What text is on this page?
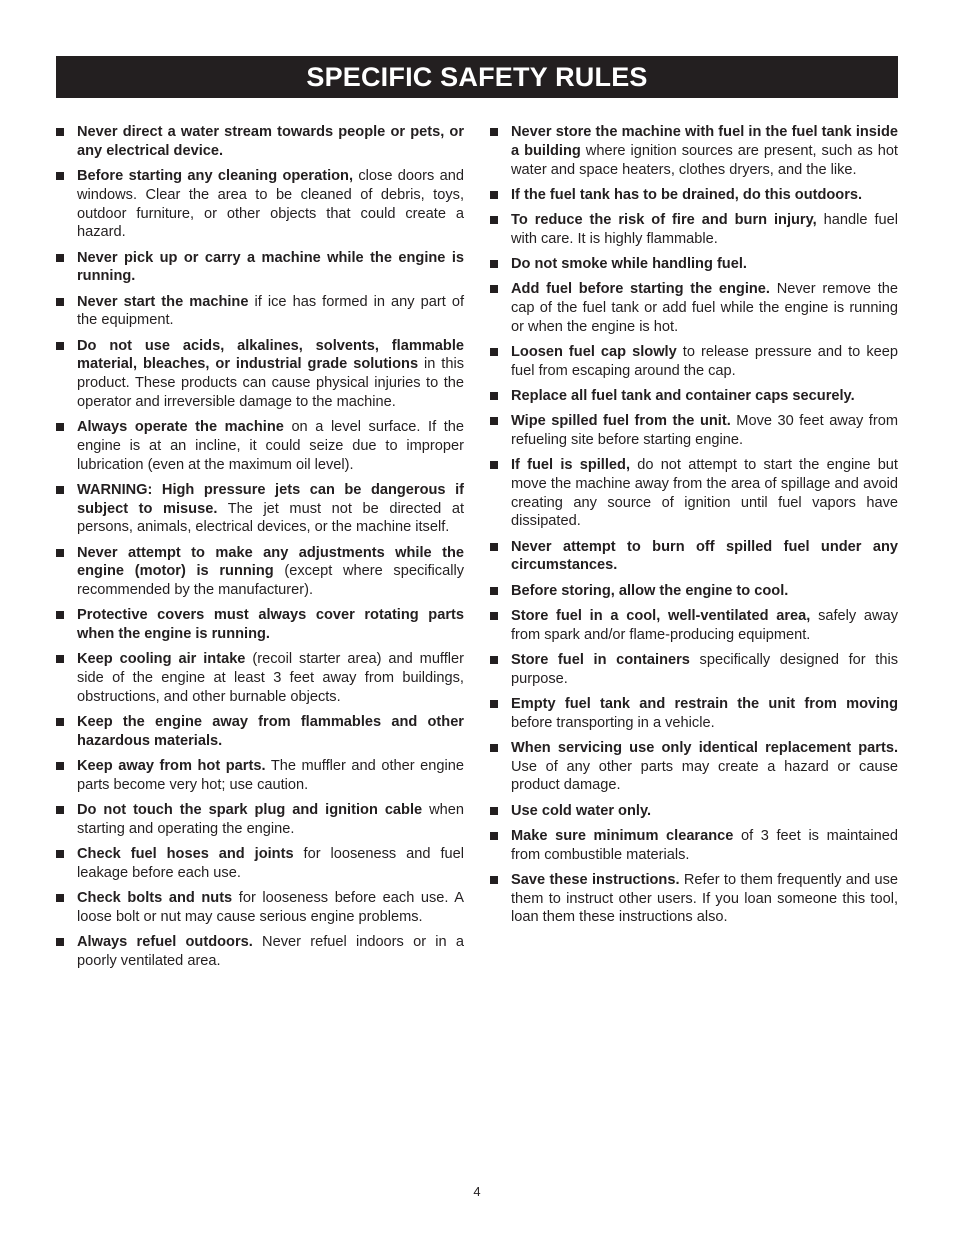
SPECIFIC SAFETY RULES
Never direct a water stream towards people or pets, or any electrical device.
Before starting any cleaning operation, close doors and windows. Clear the area to be cleaned of debris, toys, outdoor furniture, or other objects that could create a hazard.
Never pick up or carry a machine while the engine is running.
Never start the machine if ice has formed in any part of the equipment.
Do not use acids, alkalines, solvents, flammable material, bleaches, or industrial grade solutions in this product. These products can cause physical injuries to the operator and irreversible damage to the machine.
Always operate the machine on a level surface. If the engine is at an incline, it could seize due to improper lubrication (even at the maximum oil level).
WARNING: High pressure jets can be dangerous if subject to misuse. The jet must not be directed at persons, animals, electrical devices, or the machine itself.
Never attempt to make any adjustments while the engine (motor) is running (except where specifically recommended by the manufacturer).
Protective covers must always cover rotating parts when the engine is running.
Keep cooling air intake (recoil starter area) and muffler side of the engine at least 3 feet away from buildings, obstructions, and other burnable objects.
Keep the engine away from flammables and other hazardous materials.
Keep away from hot parts. The muffler and other engine parts become very hot; use caution.
Do not touch the spark plug and ignition cable when starting and operating the engine.
Check fuel hoses and joints for looseness and fuel leakage before each use.
Check bolts and nuts for looseness before each use. A loose bolt or nut may cause serious engine problems.
Always refuel outdoors. Never refuel indoors or in a poorly ventilated area.
Never store the machine with fuel in the fuel tank inside a building where ignition sources are present, such as hot water and space heaters, clothes dryers, and the like.
If the fuel tank has to be drained, do this outdoors.
To reduce the risk of fire and burn injury, handle fuel with care. It is highly flammable.
Do not smoke while handling fuel.
Add fuel before starting the engine. Never remove the cap of the fuel tank or add fuel while the engine is running or when the engine is hot.
Loosen fuel cap slowly to release pressure and to keep fuel from escaping around the cap.
Replace all fuel tank and container caps securely.
Wipe spilled fuel from the unit. Move 30 feet away from refueling site before starting engine.
If fuel is spilled, do not attempt to start the engine but move the machine away from the area of spillage and avoid creating any source of ignition until fuel vapors have dissipated.
Never attempt to burn off spilled fuel under any circumstances.
Before storing, allow the engine to cool.
Store fuel in a cool, well-ventilated area, safely away from spark and/or flame-producing equipment.
Store fuel in containers specifically designed for this purpose.
Empty fuel tank and restrain the unit from moving before transporting in a vehicle.
When servicing use only identical replacement parts. Use of any other parts may create a hazard or cause product damage.
Use cold water only.
Make sure minimum clearance of 3 feet is maintained from combustible materials.
Save these instructions. Refer to them frequently and use them to instruct other users. If you loan someone this tool, loan them these instructions also.
4
